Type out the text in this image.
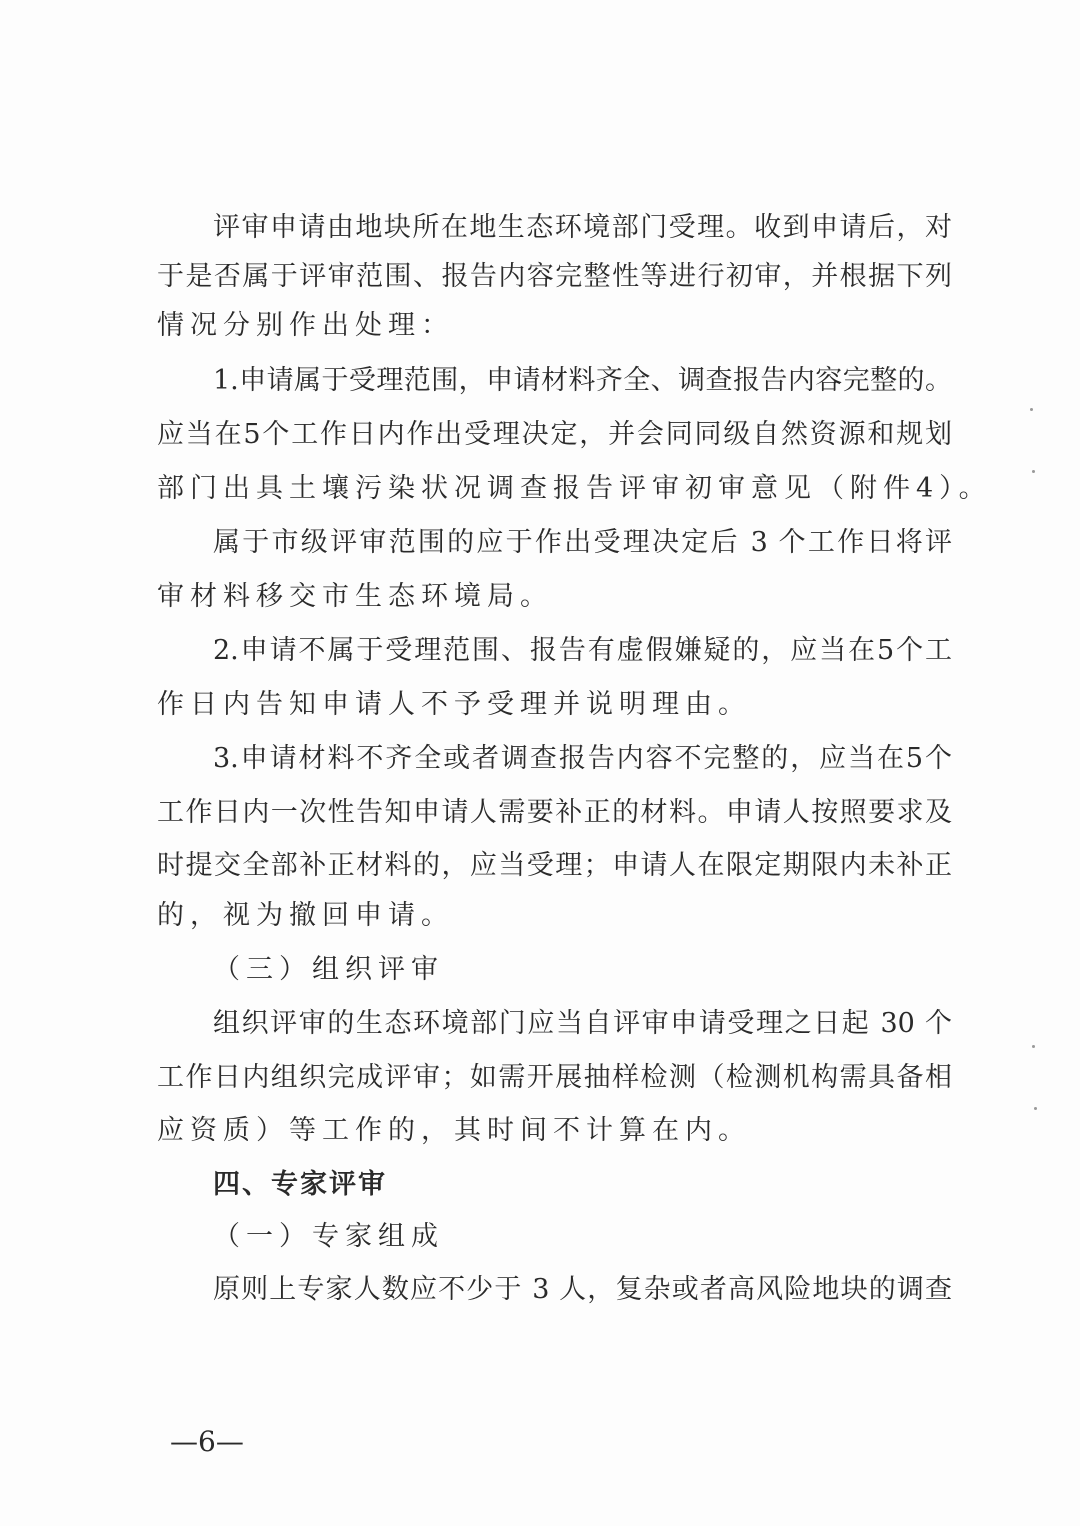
评审申请由地块所在地生态环境部门受理。收到申请后，对
于是否属于评审范围、报告内容完整性等进行初审，并根据下列
情况分别作出处理：
1.申请属于受理范围，申请材料齐全、调查报告内容完整的。
应当在5个工作日内作出受理决定，并会同同级自然资源和规划
部门出具土壤污染状况调查报告评审初审意见（附件4）。
属于市级评审范围的应于作出受理决定后 3 个工作日将评
审材料移交市生态环境局。
2.申请不属于受理范围、报告有虚假嫌疑的，应当在5个工
作日内告知申请人不予受理并说明理由。
3.申请材料不齐全或者调查报告内容不完整的，应当在5个
工作日内一次性告知申请人需要补正的材料。申请人按照要求及
时提交全部补正材料的，应当受理；申请人在限定期限内未补正
的，视为撤回申请。
（三）组织评审
组织评审的生态环境部门应当自评审申请受理之日起 30 个
工作日内组织完成评审；如需开展抽样检测（检测机构需具备相
应资质）等工作的，其时间不计算在内。
四、专家评审
（一）专家组成
原则上专家人数应不少于 3 人，复杂或者高风险地块的调查
—6—
